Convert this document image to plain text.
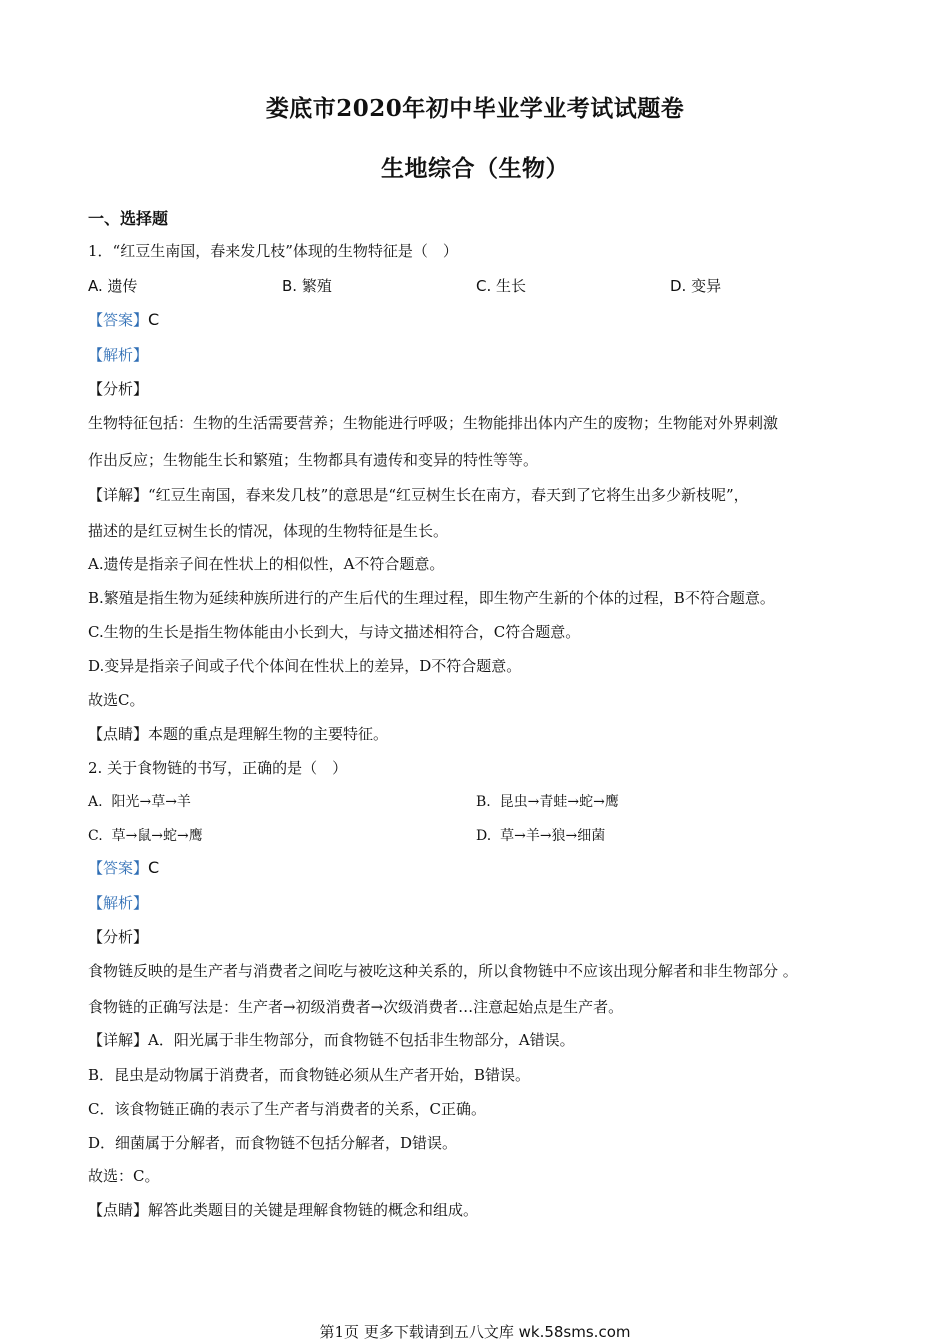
娄底市2020年初中毕业学业考试试题卷
生地综合（生物）
一、选择题
1．“红豆生南国，春来发几枝”体现的生物特征是（　）
A. 遗传	B. 繁殖	C. 生长	D. 变异
【答案】C
【解析】
【分析】
生物特征包括：生物的生活需要营养；生物能进行呼吸；生物能排出体内产生的废物；生物能对外界刺激
作出反应；生物能生长和繁殖；生物都具有遗传和变异的特性等等。
【详解】“红豆生南国，春来发几枝”的意思是“红豆树生长在南方，春天到了它将生出多少新枝呢”，
描述的是红豆树生长的情况，体现的生物特征是生长。
A.遗传是指亲子间在性状上的相似性，A不符合题意。
B.繁殖是指生物为延续种族所进行的产生后代的生理过程，即生物产生新的个体的过程，B不符合题意。
C.生物的生长是指生物体能由小长到大，与诗文描述相符合，C符合题意。
D.变异是指亲子间或子代个体间在性状上的差异，D不符合题意。
故选C。
【点睛】本题的重点是理解生物的主要特征。
2. 关于食物链的书写，正确的是（　）
A. 阳光→草→羊	B. 昆虫→青蛙→蛇→鹰
C. 草→鼠→蛇→鹰	D. 草→羊→狼→细菌
【答案】C
【解析】
【分析】
食物链反映的是生产者与消费者之间吃与被吃这种关系的，所以食物链中不应该出现分解者和非生物部分 。
食物链的正确写法是：生产者→初级消费者→次级消费者…注意起始点是生产者。
【详解】A．阳光属于非生物部分，而食物链不包括非生物部分，A错误。
B．昆虫是动物属于消费者，而食物链必须从生产者开始，B错误。
C．该食物链正确的表示了生产者与消费者的关系，C正确。
D．细菌属于分解者，而食物链不包括分解者，D错误。
故选：C。
【点睛】解答此类题目的关键是理解食物链的概念和组成。
第1页 更多下载请到五八文库 wk.58sms.com
